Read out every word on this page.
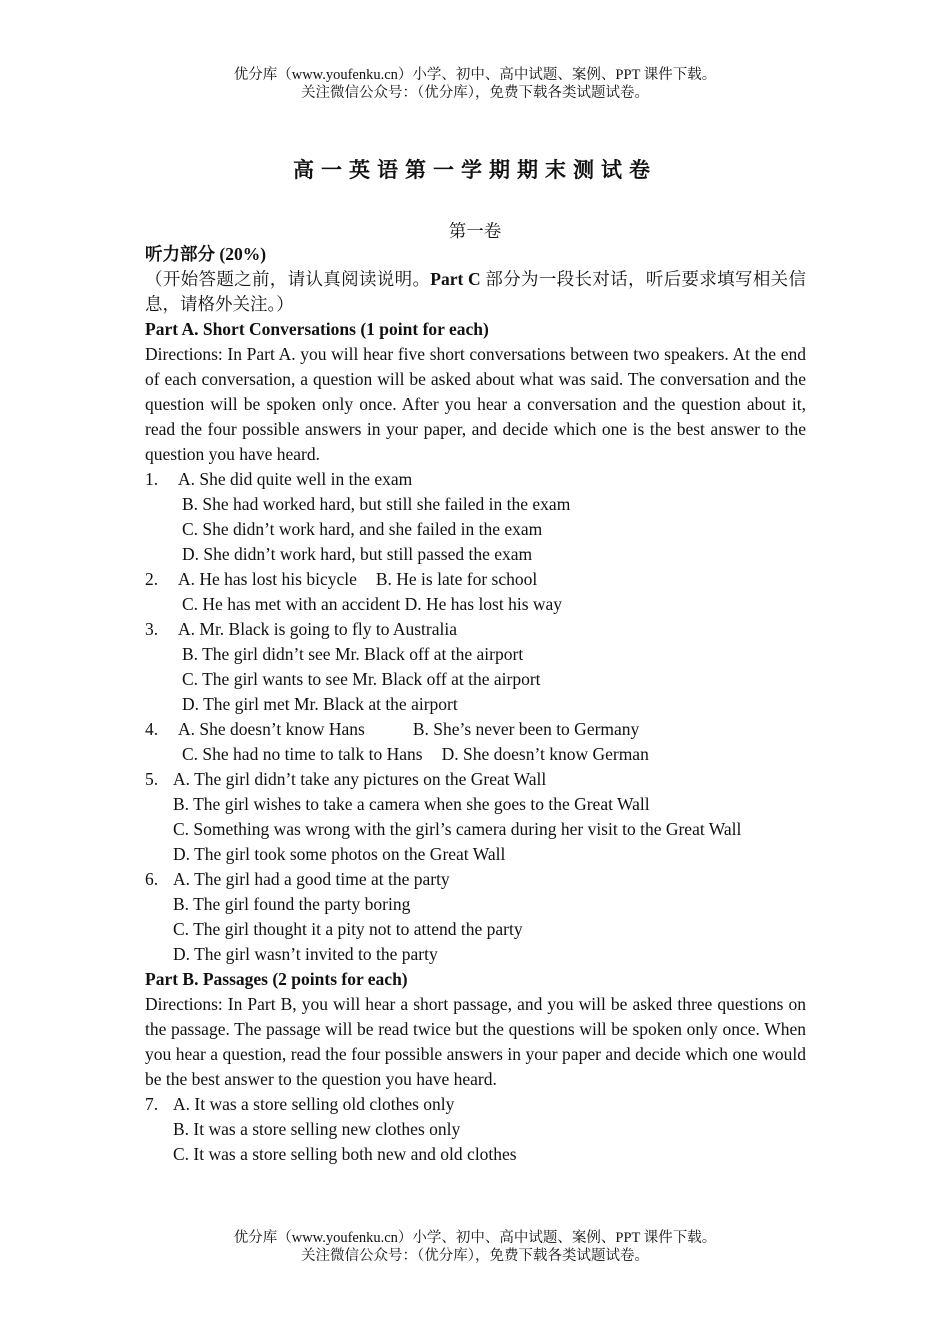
优分库（www.youfenku.cn）小学、初中、高中试题、案例、PPT 课件下载。
关注微信公众号：（优分库），免费下载各类试题试卷。
高一英语第一学期期末测试卷
第一卷

听力部分 (20%)

（开始答题之前，请认真阅读说明。Part C 部分为一段长对话，听后要求填写相关信息，请格外关注。）

Part A. Short Conversations (1 point for each)

Directions: In Part A. you will hear five short conversations between two speakers. At the end of each conversation, a question will be asked about what was said. The conversation and the question will be spoken only once. After you hear a conversation and the question about it, read the four possible answers in your paper, and decide which one is the best answer to the question you have heard.

1.	A. She did quite well in the exam
B. She had worked hard, but still she failed in the exam
C. She didn’t work hard, and she failed in the exam
D. She didn’t work hard, but still passed the exam
2.	A. He has lost his bicycle B. He is late for school
C. He has met with an accident D. He has lost his way
3.	A. Mr. Black is going to fly to Australia
B. The girl didn’t see Mr. Black off at the airport
C. The girl wants to see Mr. Black off at the airport
D. The girl met Mr. Black at the airport
4.	A. She doesn’t know Hans	B. She’s never been to Germany
C. She had no time to talk to Hans D. She doesn’t know German
5. A. The girl didn’t take any pictures on the Great Wall
B. The girl wishes to take a camera when she goes to the Great Wall
C. Something was wrong with the girl’s camera during her visit to the Great Wall
D. The girl took some photos on the Great Wall
6. A. The girl had a good time at the party
B. The girl found the party boring
C. The girl thought it a pity not to attend the party
D. The girl wasn’t invited to the party

Part B. Passages (2 points for each)

Directions: In Part B, you will hear a short passage, and you will be asked three questions on the passage. The passage will be read twice but the questions will be spoken only once. When you hear a question, read the four possible answers in your paper and decide which one would be the best answer to the question you have heard.

7. A. It was a store selling old clothes only
B. It was a store selling new clothes only
C. It was a store selling both new and old clothes
优分库（www.youfenku.cn）小学、初中、高中试题、案例、PPT 课件下载。
关注微信公众号：（优分库），免费下载各类试题试卷。
